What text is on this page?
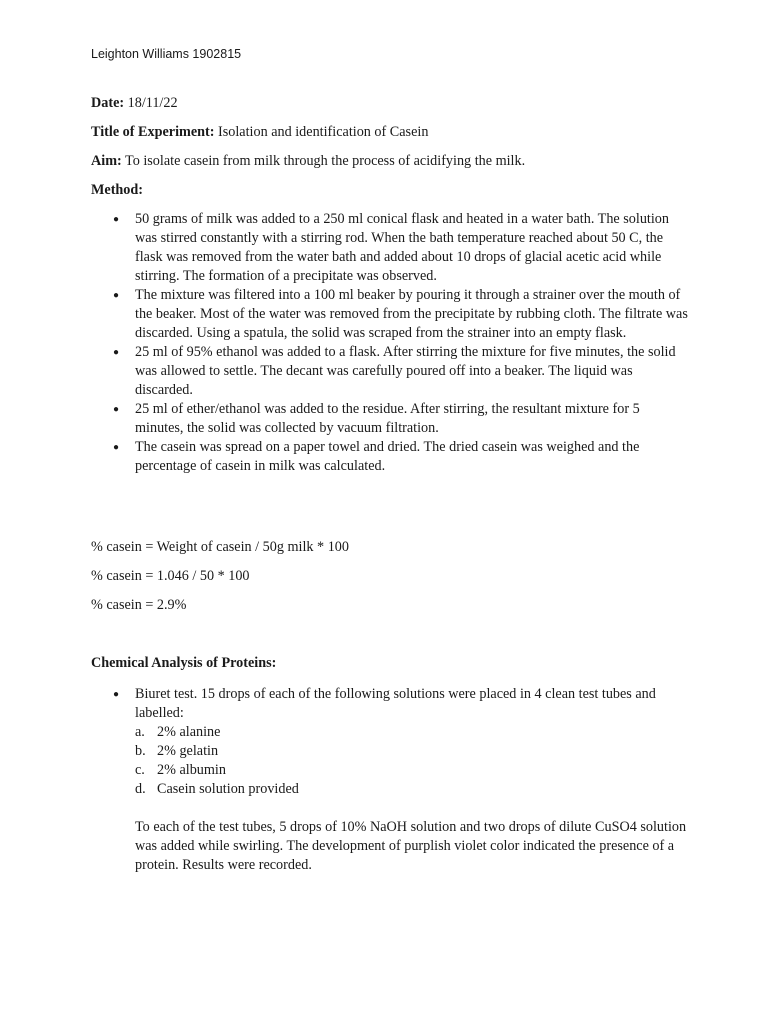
Leighton Williams 1902815

Date: 18/11/22

Title of Experiment: Isolation and identification of Casein

Aim: To isolate casein from milk through the process of acidifying the milk.

Method:

● 50 grams of milk was added to a 250 ml conical flask and heated in a water bath. The solution was stirred constantly with a stirring rod. When the bath temperature reached about 50 C, the flask was removed from the water bath and added about 10 drops of glacial acetic acid while stirring. The formation of a precipitate was observed.
● The mixture was filtered into a 100 ml beaker by pouring it through a strainer over the mouth of the beaker. Most of the water was removed from the precipitate by rubbing cloth. The filtrate was discarded. Using a spatula, the solid was scraped from the strainer into an empty flask.
● 25 ml of 95% ethanol was added to a flask. After stirring the mixture for five minutes, the solid was allowed to settle. The decant was carefully poured off into a beaker. The liquid was discarded.
● 25 ml of ether/ethanol was added to the residue. After stirring, the resultant mixture for 5 minutes, the solid was collected by vacuum filtration.
● The casein was spread on a paper towel and dried. The dried casein was weighed and the percentage of casein in milk was calculated.

% casein = Weight of casein / 50g milk * 100

% casein = 1.046 / 50 * 100

% casein = 2.9%

Chemical Analysis of Proteins:

● Biuret test. 15 drops of each of the following solutions were placed in 4 clean test tubes and labelled:
a. 2% alanine
b. 2% gelatin
c. 2% albumin
d. Casein solution provided
To each of the test tubes, 5 drops of 10% NaOH solution and two drops of dilute CuSO4 solution was added while swirling. The development of purplish violet color indicated the presence of a protein. Results were recorded.
